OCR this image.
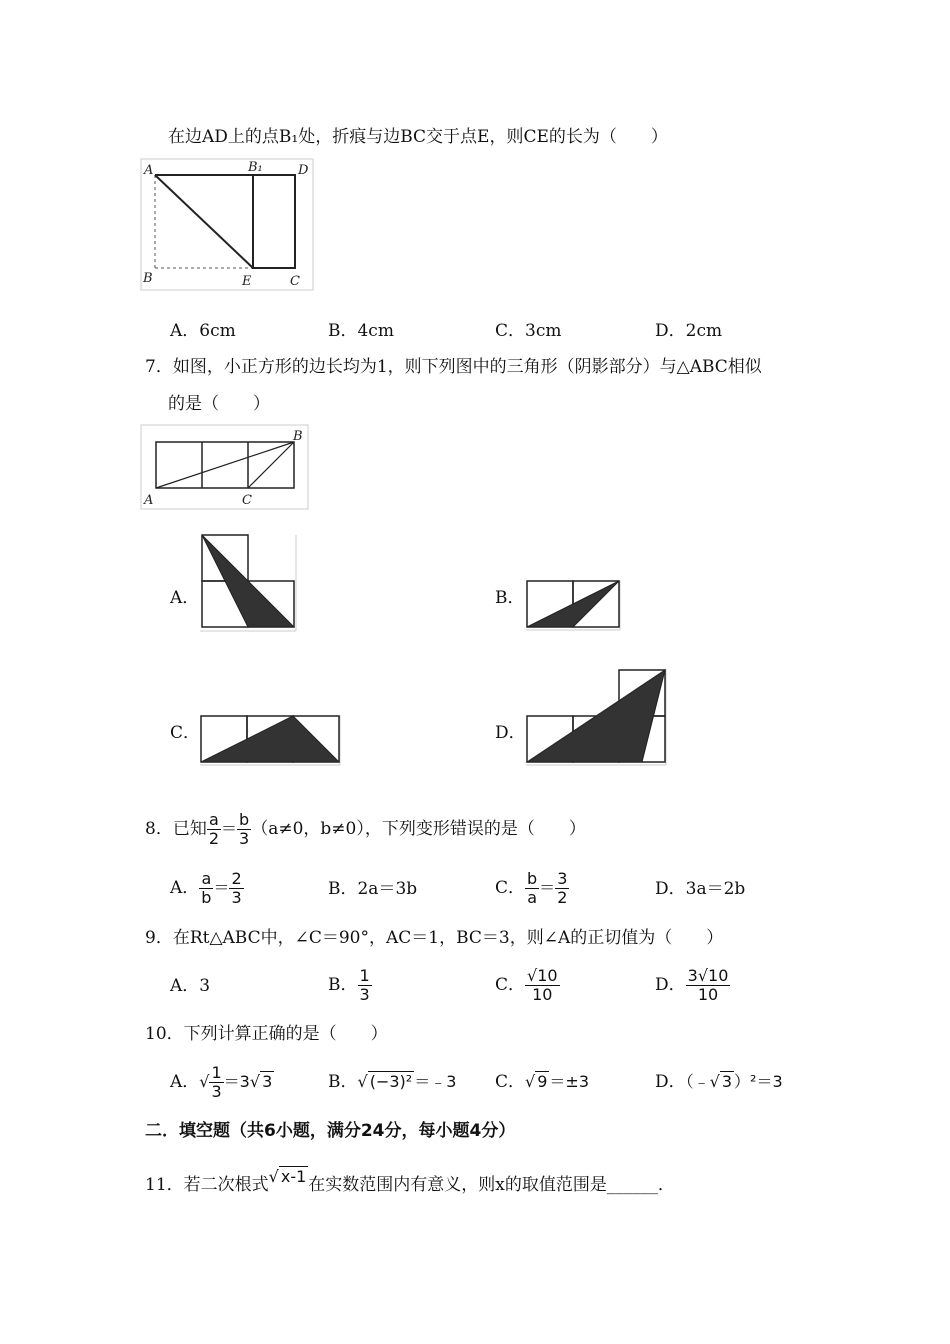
在边AD上的点B₁处，折痕与边BC交于点E，则CE的长为（　　）
A	B₁	D
B	E	C
A．6cm	B．4cm	C．3cm	D．2cm
7．如图，小正方形的边长均为1，则下列图中的三角形（阴影部分）与△ABC相似
的是（　　）
B
A	C
A．	B．
C．	D．
8．已知 $\frac{a}{2} = \frac{b}{3} (a\ne 0$，b≠0），下列变形错误的是（　　）
A． $\frac{a}{b} = \frac{2}{3}$	B．2a＝3b	C． $\frac{b}{a} = \frac{3}{2}$	D．3a＝2b
9．在Rt△ABC中，∠C＝90°，AC＝1，BC＝3，则∠A的正切值为（　　）
A．3	B． $\frac{1}{3}$	C． $\frac{√10}{10}$	D． $\frac{3√10}{10}$
10．下列计算正确的是（　　）
A．√ $\frac{1}{3} =3√$ 3	B．√ (−3)² ＝﹣3 C．√ 9 ＝±3	D．（﹣√ 3 ）²＝3
二．填空题（共6小题，满分24分，每小题4分）
11．若二次根式√ x-1 在实数范围内有意义，则x的取值范围是______．
